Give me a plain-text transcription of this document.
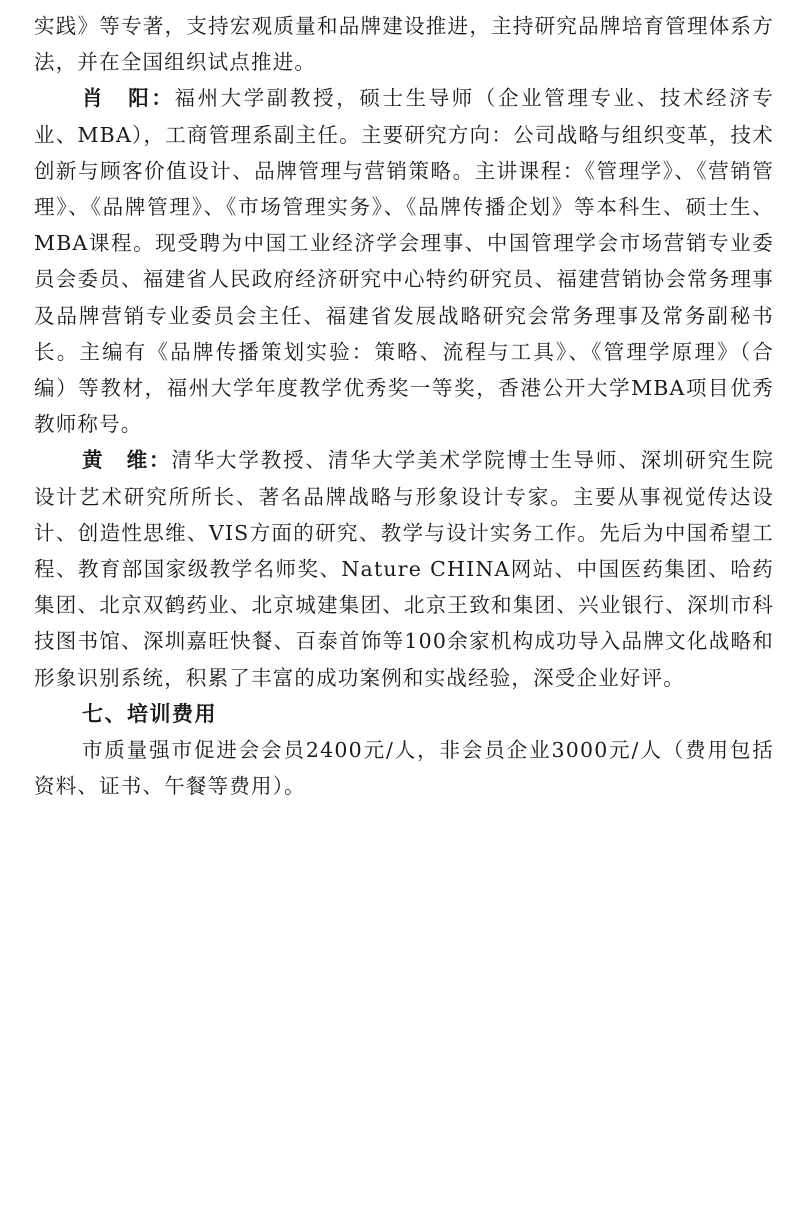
实践》等专著，支持宏观质量和品牌建设推进，主持研究品牌培育管理体系方法，并在全国组织试点推进。

肖　阳：福州大学副教授，硕士生导师（企业管理专业、技术经济专业、MBA），工商管理系副主任。主要研究方向：公司战略与组织变革，技术创新与顾客价值设计、品牌管理与营销策略。主讲课程：《管理学》、《营销管理》、《品牌管理》、《市场管理实务》、《品牌传播企划》等本科生、硕士生、MBA课程。现受聘为中国工业经济学会理事、中国管理学会市场营销专业委员会委员、福建省人民政府经济研究中心特约研究员、福建营销协会常务理事及品牌营销专业委员会主任、福建省发展战略研究会常务理事及常务副秘书长。主编有《品牌传播策划实验：策略、流程与工具》、《管理学原理》（合编）等教材，福州大学年度教学优秀奖一等奖，香港公开大学MBA项目优秀教师称号。

黄　维：清华大学教授、清华大学美术学院博士生导师、深圳研究生院设计艺术研究所所长、著名品牌战略与形象设计专家。主要从事视觉传达设计、创造性思维、VIS方面的研究、教学与设计实务工作。先后为中国希望工程、教育部国家级教学名师奖、Nature CHINA网站、中国医药集团、哈药集团、北京双鹤药业、北京城建集团、北京王致和集团、兴业银行、深圳市科技图书馆、深圳嘉旺快餐、百泰首饰等100余家机构成功导入品牌文化战略和形象识别系统，积累了丰富的成功案例和实战经验，深受企业好评。

七、培训费用

市质量强市促进会会员2400元/人，非会员企业3000元/人（费用包括资料、证书、午餐等费用）。
